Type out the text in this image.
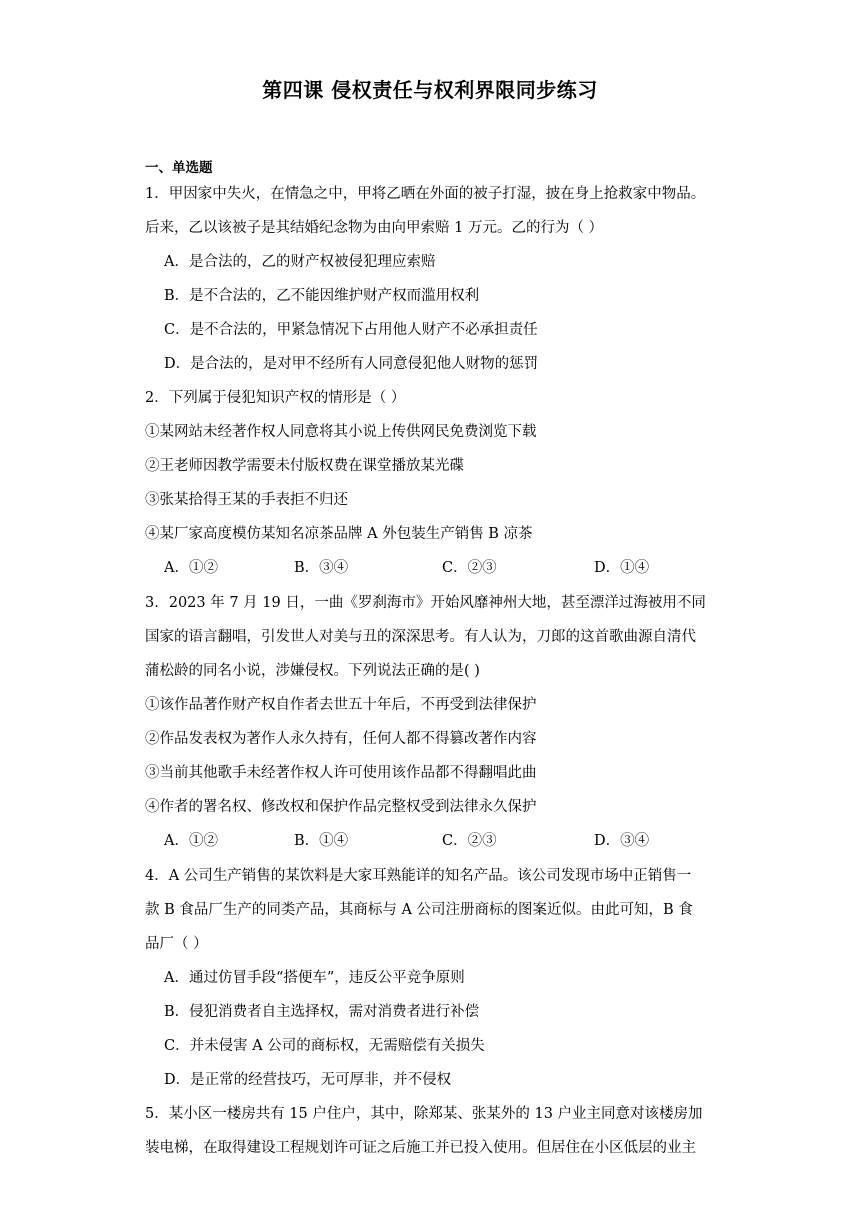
第四课 侵权责任与权利界限同步练习
一、单选题
1．甲因家中失火，在情急之中，甲将乙晒在外面的被子打湿，披在身上抢救家中物品。
后来，乙以该被子是其结婚纪念物为由向甲索赔 1 万元。乙的行为（ ）
A．是合法的，乙的财产权被侵犯理应索赔
B．是不合法的，乙不能因维护财产权而滥用权利
C．是不合法的，甲紧急情况下占用他人财产不必承担责任
D．是合法的，是对甲不经所有人同意侵犯他人财物的惩罚
2．下列属于侵犯知识产权的情形是（ ）
①某网站未经著作权人同意将其小说上传供网民免费浏览下载
②王老师因教学需要未付版权费在课堂播放某光碟
③张某拾得王某的手表拒不归还
④某厂家高度模仿某知名凉茶品牌 A 外包装生产销售 B 凉茶
A．①②	B．③④	C．②③	D．①④
3．2023 年 7 月 19 日，一曲《罗刹海市》开始风靡神州大地，甚至漂洋过海被用不同
国家的语言翻唱，引发世人对美与丑的深深思考。有人认为，刀郎的这首歌曲源自清代
蒲松龄的同名小说，涉嫌侵权。下列说法正确的是( )
①该作品著作财产权自作者去世五十年后，不再受到法律保护
②作品发表权为著作人永久持有，任何人都不得篡改著作内容
③当前其他歌手未经著作权人许可使用该作品都不得翻唱此曲
④作者的署名权、修改权和保护作品完整权受到法律永久保护
A．①②	B．①④	C．②③	D．③④
4．A 公司生产销售的某饮料是大家耳熟能详的知名产品。该公司发现市场中正销售一
款 B 食品厂生产的同类产品，其商标与 A 公司注册商标的图案近似。由此可知，B 食
品厂（ ）
A．通过仿冒手段“搭便车”，违反公平竞争原则
B．侵犯消费者自主选择权，需对消费者进行补偿
C．并未侵害 A 公司的商标权，无需赔偿有关损失
D．是正常的经营技巧，无可厚非，并不侵权
5．某小区一楼房共有 15 户住户，其中，除郑某、张某外的 13 户业主同意对该楼房加
装电梯，在取得建设工程规划许可证之后施工并已投入使用。但居住在小区低层的业主
